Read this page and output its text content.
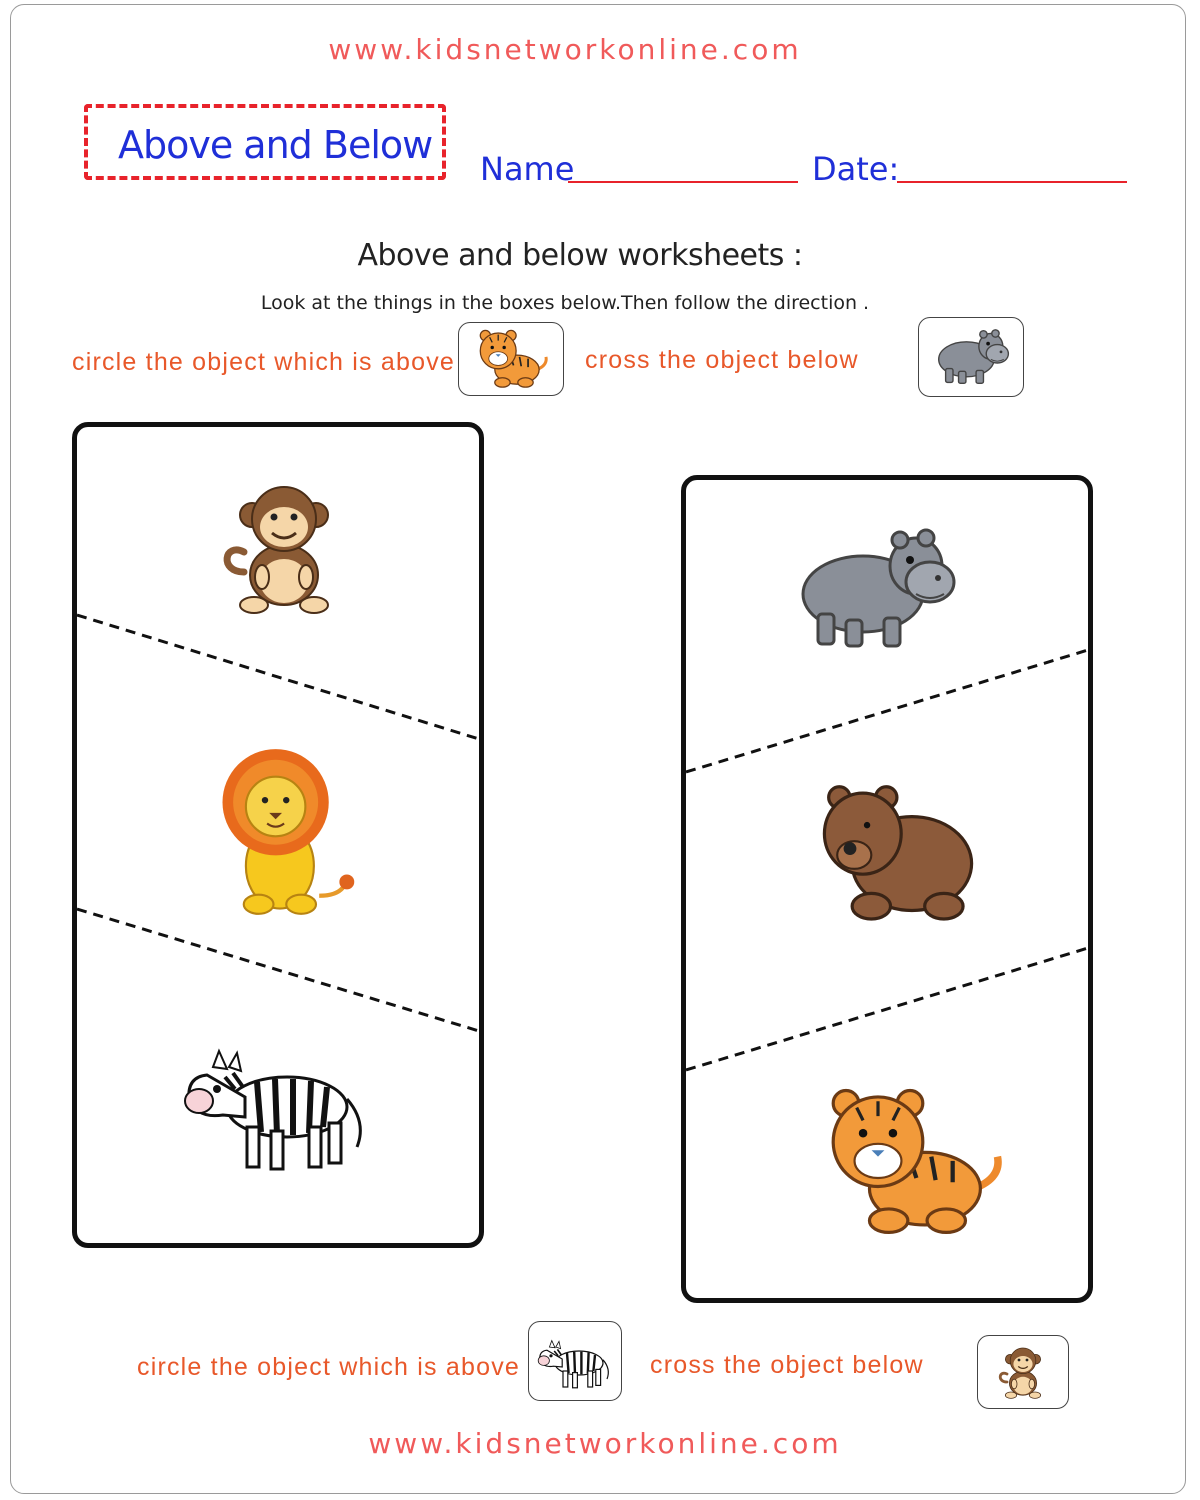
www.kidsnetworkonline.com
Above and Below
Name	Date:
Above and below worksheets :
Look at the things in the boxes below.Then follow the direction .
circle the object which is above	cross the object below
circle the object which is above	cross the object below
www.kidsnetworkonline.com
